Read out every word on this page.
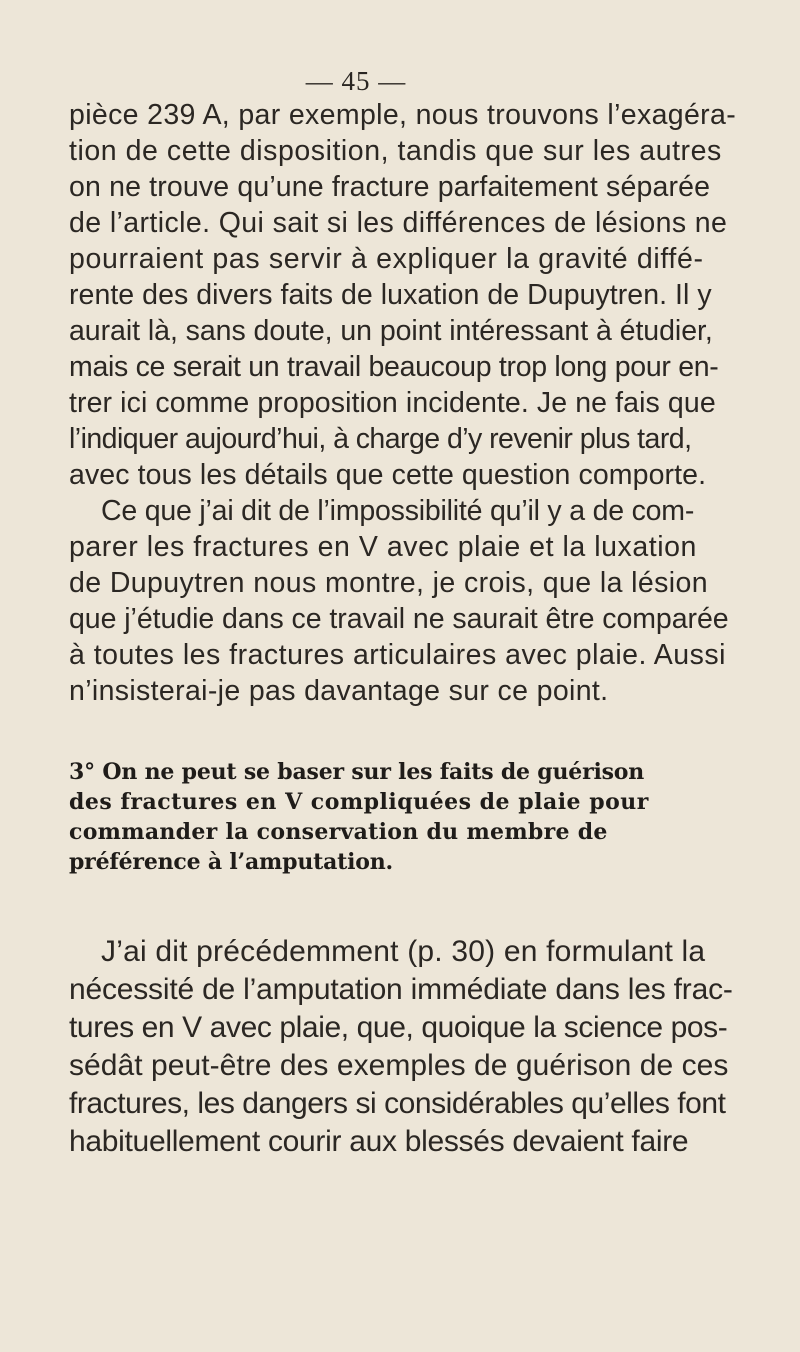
— 45 —
pièce 239 A, par exemple, nous trouvons l’exagéra-
tion de cette disposition, tandis que sur les autres
on ne trouve qu’une fracture parfaitement séparée
de l’article. Qui sait si les différences de lésions ne
pourraient pas servir à expliquer la gravité diffé-
rente des divers faits de luxation de Dupuytren. Il y
aurait là, sans doute, un point intéressant à étudier,
mais ce serait un travail beaucoup trop long pour en-
trer ici comme proposition incidente. Je ne fais que
l’indiquer aujourd’hui, à charge d’y revenir plus tard,
avec tous les détails que cette question comporte.
Ce que j’ai dit de l’impossibilité qu’il y a de com-
parer les fractures en V avec plaie et la luxation
de Dupuytren nous montre, je crois, que la lésion
que j’étudie dans ce travail ne saurait être comparée
à toutes les fractures articulaires avec plaie. Aussi
n’insisterai-je pas davantage sur ce point.
3° On ne peut se baser sur les faits de guérison
des fractures en V compliquées de plaie pour
commander la conservation du membre de
préférence à l’amputation.
J’ai dit précédemment (p. 30) en formulant la
nécessité de l’amputation immédiate dans les frac-
tures en V avec plaie, que, quoique la science pos-
sédât peut-être des exemples de guérison de ces
fractures, les dangers si considérables qu’elles font
habituellement courir aux blessés devaient faire
